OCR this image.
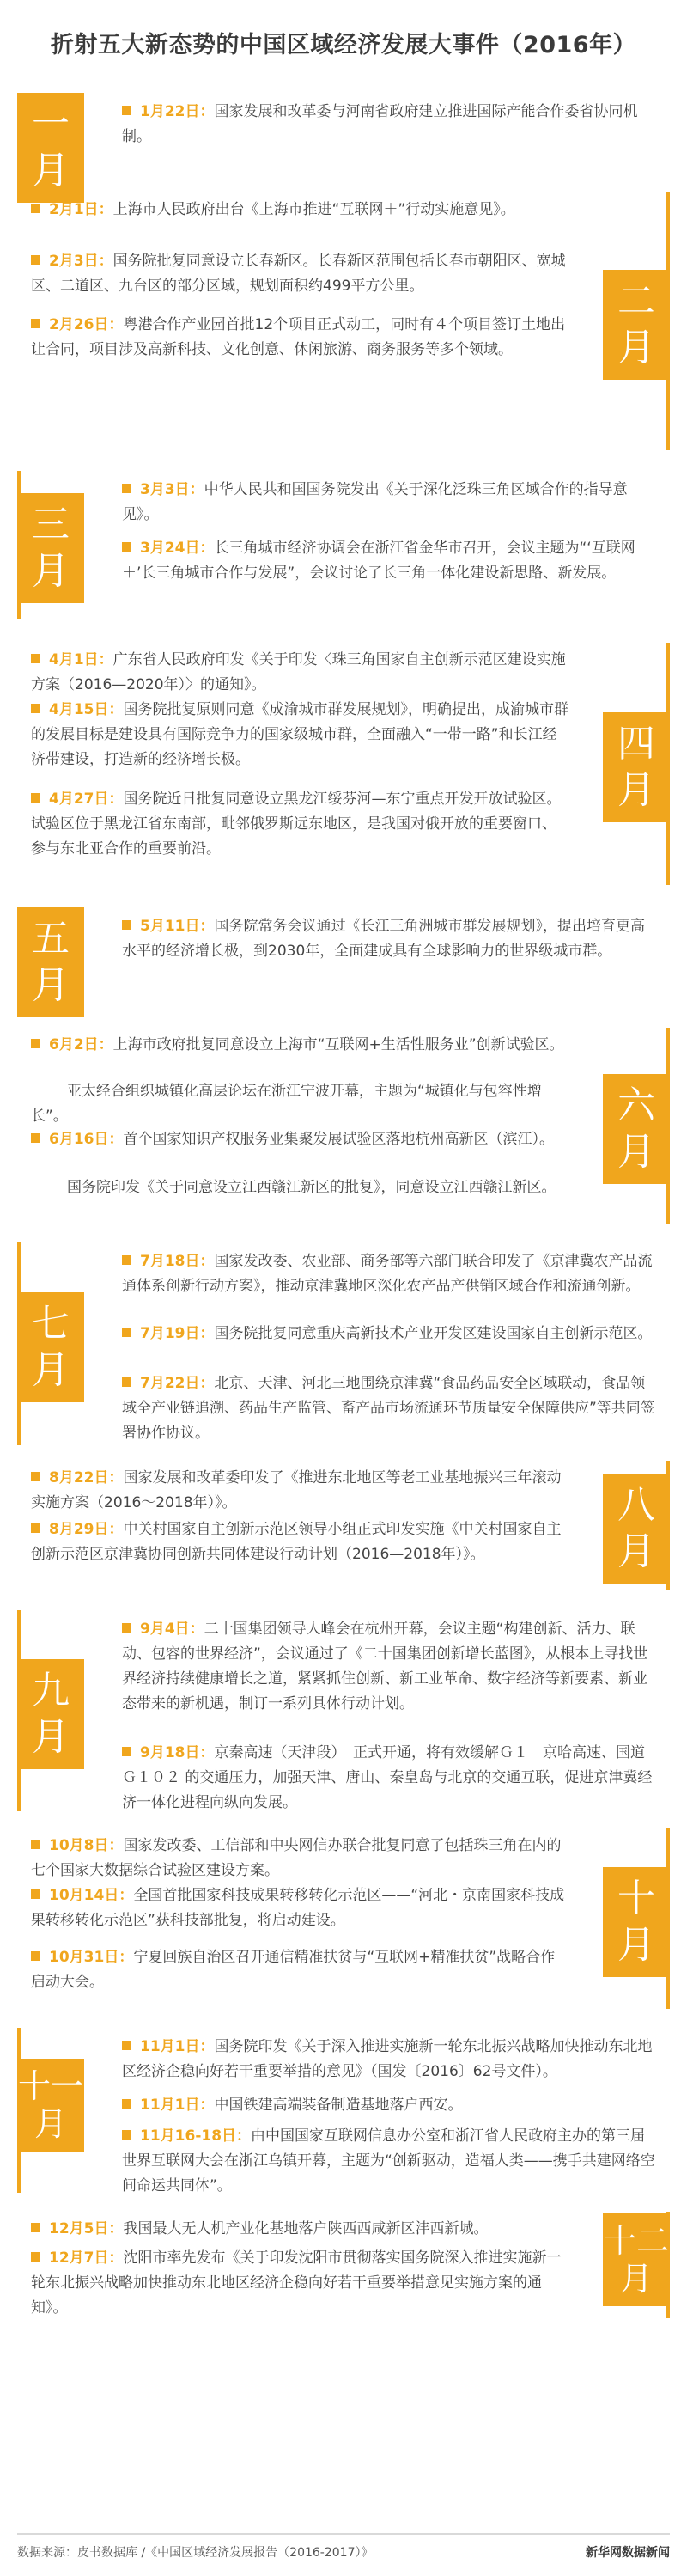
折射五大新态势的中国区域经济发展大事件（2016年）
一月
1月22日：国家发展和改革委与河南省政府建立推进国际产能合作委省协同机制。
二月
2月1日：上海市人民政府出台《上海市推进“互联网＋”行动实施意见》。
2月3日：国务院批复同意设立长春新区。长春新区范围包括长春市朝阳区、宽城区、二道区、九台区的部分区域，规划面积约499平方公里。
2月26日：粤港合作产业园首批12个项目正式动工，同时有４个项目签订土地出让合同，项目涉及高新科技、文化创意、休闲旅游、商务服务等多个领域。
三月
3月3日：中华人民共和国国务院发出《关于深化泛珠三角区域合作的指导意见》。
3月24日：长三角城市经济协调会在浙江省金华市召开，会议主题为“‘互联网＋’长三角城市合作与发展”，会议讨论了长三角一体化建设新思路、新发展。
四月
4月1日：广东省人民政府印发《关于印发〈珠三角国家自主创新示范区建设实施方案（2016—2020年）〉的通知》。
4月15日：国务院批复原则同意《成渝城市群发展规划》，明确提出，成渝城市群的发展目标是建设具有国际竞争力的国家级城市群，全面融入“一带一路”和长江经济带建设，打造新的经济增长极。
4月27日：国务院近日批复同意设立黑龙江绥芬河—东宁重点开发开放试验区。试验区位于黑龙江省东南部，毗邻俄罗斯远东地区，是我国对俄开放的重要窗口、参与东北亚合作的重要前沿。
五月
5月11日：国务院常务会议通过《长江三角洲城市群发展规划》，提出培育更高水平的经济增长极，到2030年，全面建成具有全球影响力的世界级城市群。
六月
6月2日：上海市政府批复同意设立上海市“互联网+生活性服务业”创新试验区。
亚太经合组织城镇化高层论坛在浙江宁波开幕，主题为“城镇化与包容性增长”。
6月16日：首个国家知识产权服务业集聚发展试验区落地杭州高新区（滨江）。
国务院印发《关于同意设立江西赣江新区的批复》，同意设立江西赣江新区。
七月
7月18日：国家发改委、农业部、商务部等六部门联合印发了《京津冀农产品流通体系创新行动方案》，推动京津冀地区深化农产品产供销区域合作和流通创新。
7月19日：国务院批复同意重庆高新技术产业开发区建设国家自主创新示范区。
7月22日：北京、天津、河北三地围绕京津冀“食品药品安全区域联动，食品领域全产业链追溯、药品生产监管、畜产品市场流通环节质量安全保障供应”等共同签署协作协议。
八月
8月22日：国家发展和改革委印发了《推进东北地区等老工业基地振兴三年滚动实施方案（2016～2018年）》。
8月29日：中关村国家自主创新示范区领导小组正式印发实施《中关村国家自主创新示范区京津冀协同创新共同体建设行动计划（2016—2018年）》。
九月
9月4日：二十国集团领导人峰会在杭州开幕，会议主题“构建创新、活力、联动、包容的世界经济”，会议通过了《二十国集团创新增长蓝图》，从根本上寻找世界经济持续健康增长之道，紧紧抓住创新、新工业革命、数字经济等新要素、新业态带来的新机遇，制订一系列具体行动计划。
9月18日：京秦高速（天津段）　正式开通，将有效缓解Ｇ１　京哈高速、国道Ｇ１０２ 的交通压力，加强天津、唐山、秦皇岛与北京的交通互联，促进京津冀经济一体化进程向纵向发展。
十月
10月8日：国家发改委、工信部和中央网信办联合批复同意了包括珠三角在内的七个国家大数据综合试验区建设方案。
10月14日：全国首批国家科技成果转移转化示范区——“河北・京南国家科技成果转移转化示范区”获科技部批复，将启动建设。
10月31日：宁夏回族自治区召开通信精准扶贫与“互联网+精准扶贫”战略合作启动大会。
十一月
11月1日：国务院印发《关于深入推进实施新一轮东北振兴战略加快推动东北地区经济企稳向好若干重要举措的意见》（国发〔2016〕62号文件）。
11月1日：中国铁建高端装备制造基地落户西安。
11月16-18日：由中国国家互联网信息办公室和浙江省人民政府主办的第三届世界互联网大会在浙江乌镇开幕，主题为“创新驱动，造福人类——携手共建网络空间命运共同体”。
十二月
12月5日：我国最大无人机产业化基地落户陕西西咸新区沣西新城。
12月7日：沈阳市率先发布《关于印发沈阳市贯彻落实国务院深入推进实施新一轮东北振兴战略加快推动东北地区经济企稳向好若干重要举措意见实施方案的通知》。
数据来源：皮书数据库 /《中国区域经济发展报告（2016-2017）》	新华网数据新闻
